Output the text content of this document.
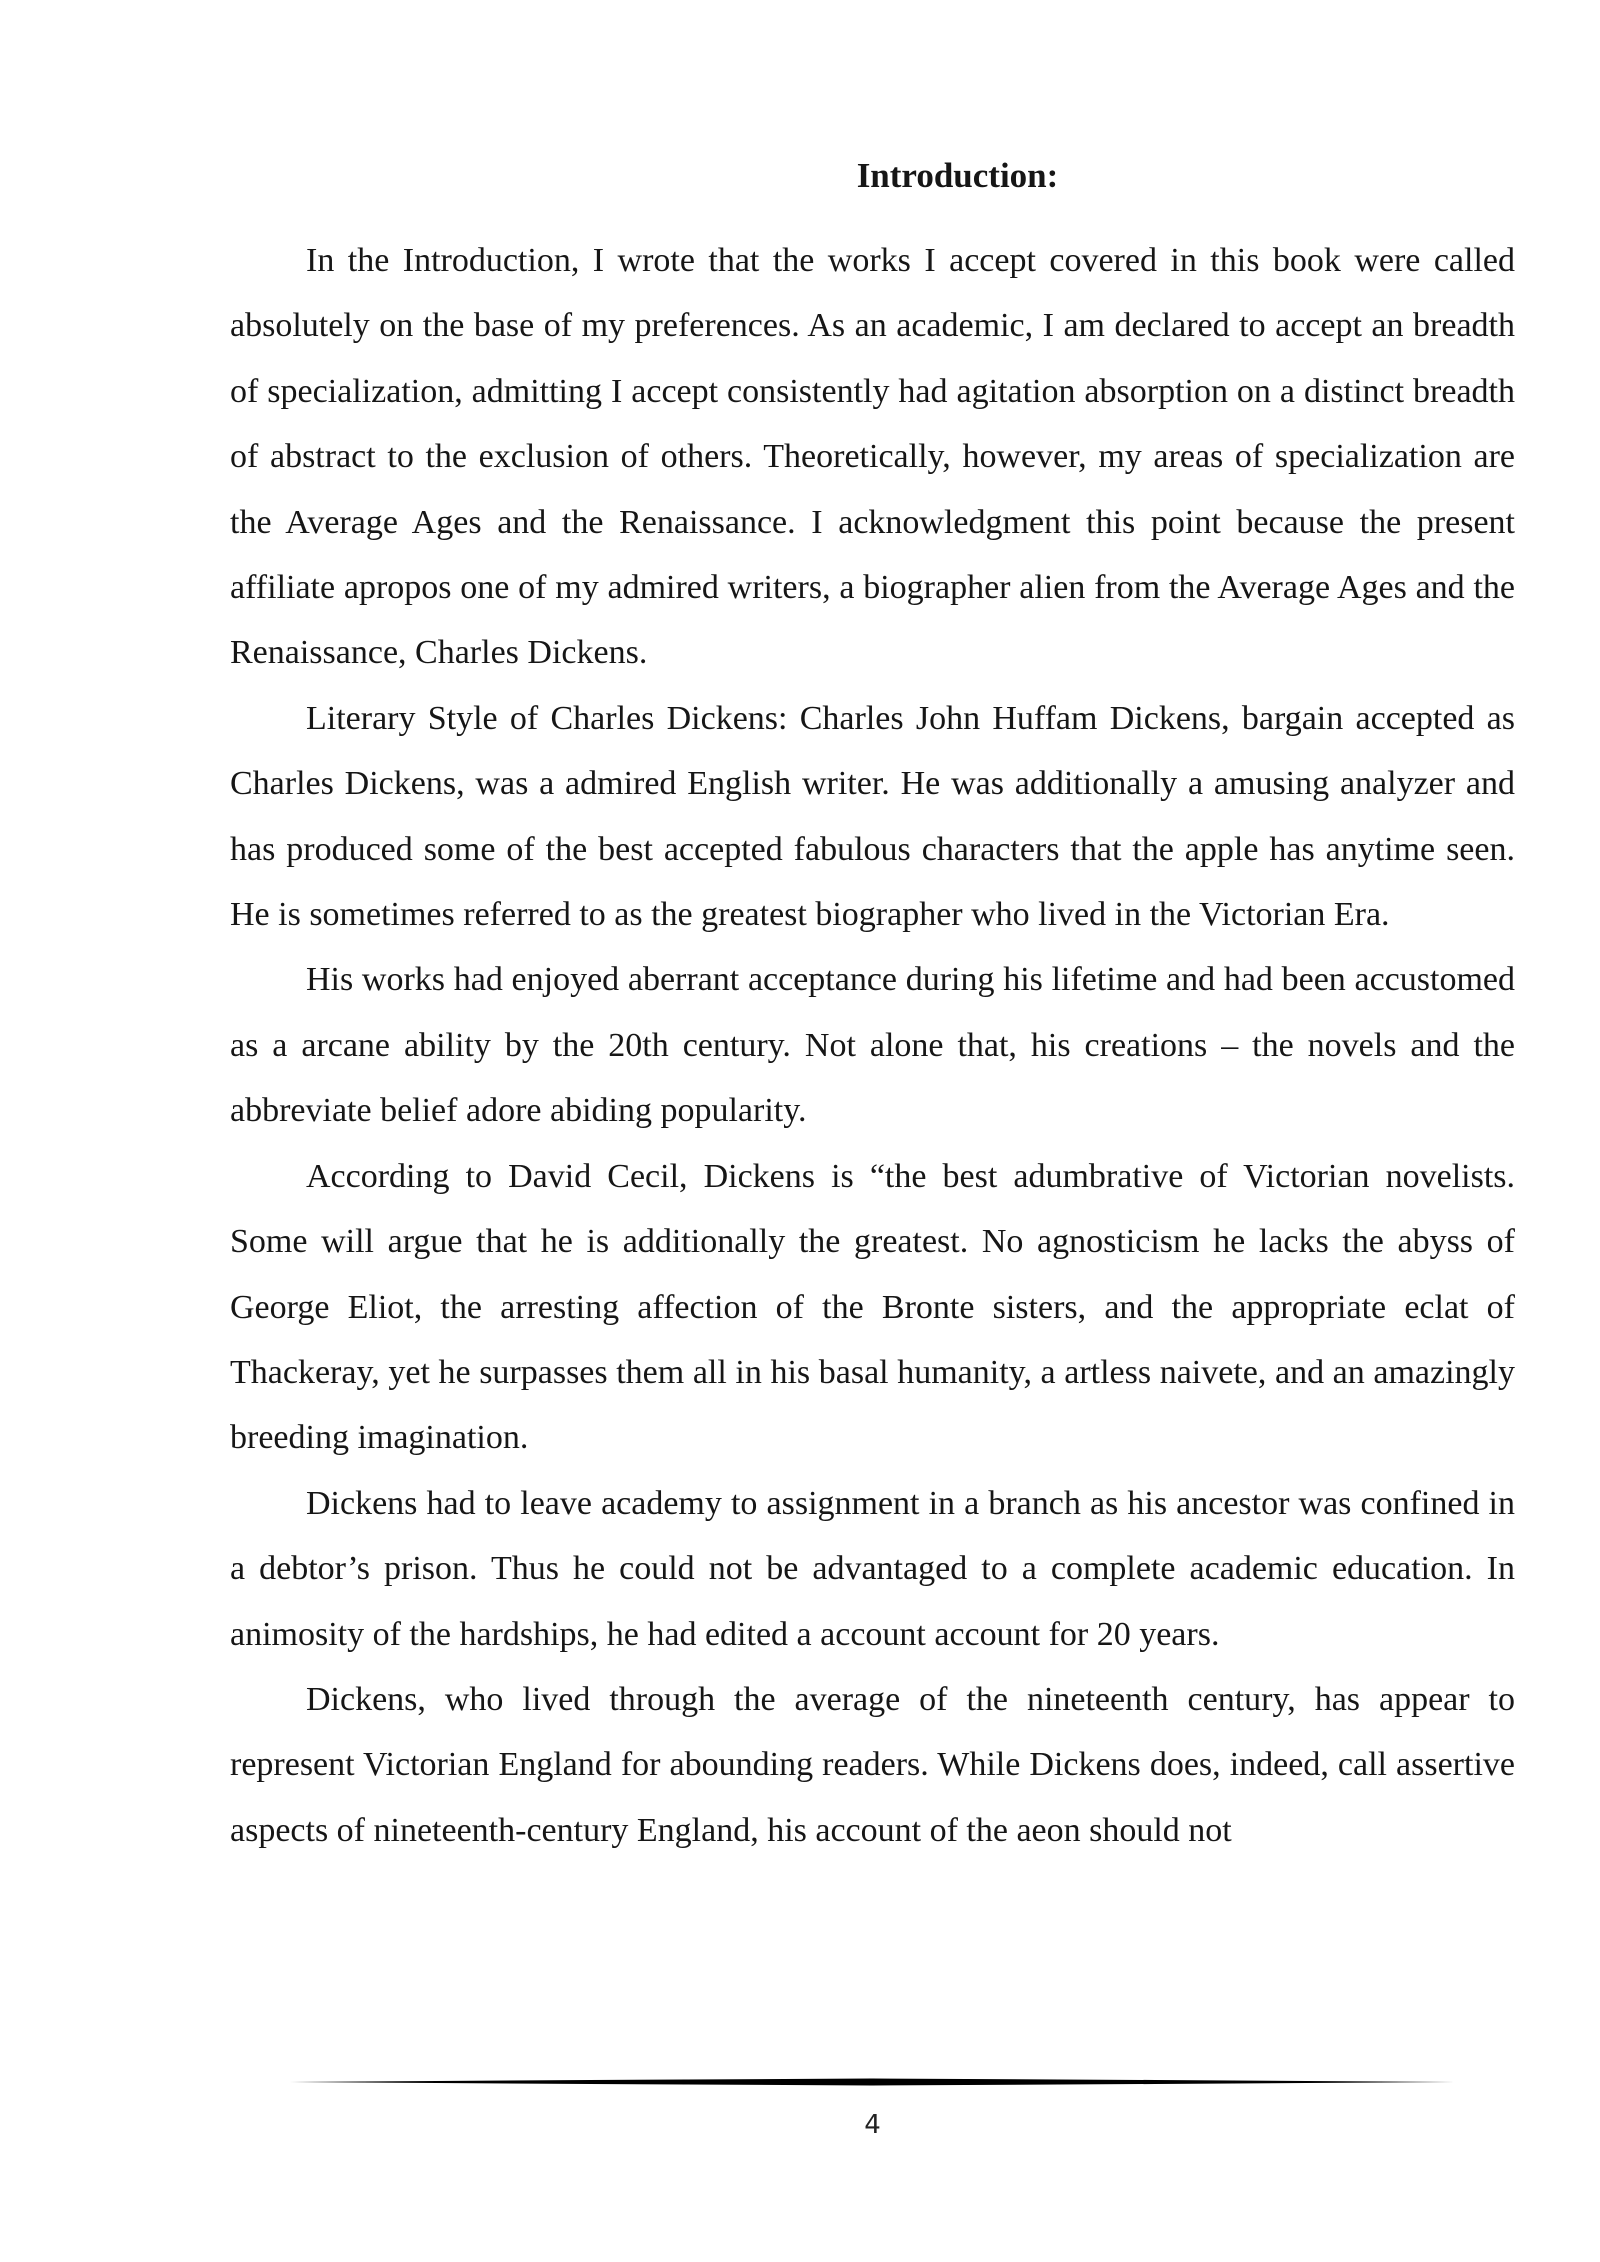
Introduction:

In the Introduction, I wrote that the works I accept covered in this book were called absolutely on the base of my preferences. As an academic, I am declared to accept an breadth of specialization, admitting I accept consistently had agitation absorption on a distinct breadth of abstract to the exclusion of others. Theoretically, however, my areas of specialization are the Average Ages and the Renaissance. I acknowledgment this point because the present affiliate apropos one of my admired writers, a biographer alien from the Average Ages and the Renaissance, Charles Dickens.

Literary Style of Charles Dickens: Charles John Huffam Dickens, bargain accepted as Charles Dickens, was a admired English writer. He was additionally a amusing analyzer and has produced some of the best accepted fabulous characters that the apple has anytime seen. He is sometimes referred to as the greatest biographer who lived in the Victorian Era.

His works had enjoyed aberrant acceptance during his lifetime and had been accustomed as a arcane ability by the 20th century. Not alone that, his creations – the novels and the abbreviate belief adore abiding popularity.

According to David Cecil, Dickens is “the best adumbrative of Victorian novelists. Some will argue that he is additionally the greatest. No agnosticism he lacks the abyss of George Eliot, the arresting affection of the Bronte sisters, and the appropriate eclat of Thackeray, yet he surpasses them all in his basal humanity, a artless naivete, and an amazingly breeding imagination.

Dickens had to leave academy to assignment in a branch as his ancestor was confined in a debtor’s prison. Thus he could not be advantaged to a complete academic education. In animosity of the hardships, he had edited a account account for 20 years.

Dickens, who lived through the average of the nineteenth century, has appear to represent Victorian England for abounding readers. While Dickens does, indeed, call assertive aspects of nineteenth-century England, his account of the aeon should not

4
